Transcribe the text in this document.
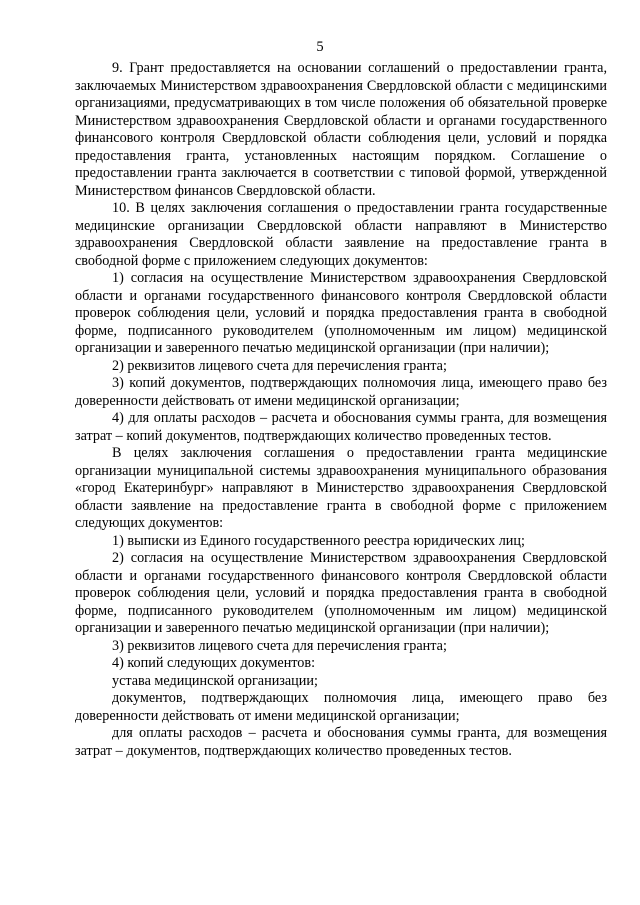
5

9. Грант предоставляется на основании соглашений о предоставлении гранта, заключаемых Министерством здравоохранения Свердловской области с медицинскими организациями, предусматривающих в том числе положения об обязательной проверке Министерством здравоохранения Свердловской области и органами государственного финансового контроля Свердловской области соблюдения цели, условий и порядка предоставления гранта, установленных настоящим порядком. Соглашение о предоставлении гранта заключается в соответствии с типовой формой, утвержденной Министерством финансов Свердловской области.

10. В целях заключения соглашения о предоставлении гранта государственные медицинские организации Свердловской области направляют в Министерство здравоохранения Свердловской области заявление на предоставление гранта в свободной форме с приложением следующих документов:

1) согласия на осуществление Министерством здравоохранения Свердловской области и органами государственного финансового контроля Свердловской области проверок соблюдения цели, условий и порядка предоставления гранта в свободной форме, подписанного руководителем (уполномоченным им лицом) медицинской организации и заверенного печатью медицинской организации (при наличии);

2) реквизитов лицевого счета для перечисления гранта;

3) копий документов, подтверждающих полномочия лица, имеющего право без доверенности действовать от имени медицинской организации;

4) для оплаты расходов – расчета и обоснования суммы гранта, для возмещения затрат – копий документов, подтверждающих количество проведенных тестов.

В целях заключения соглашения о предоставлении гранта медицинские организации муниципальной системы здравоохранения муниципального образования «город Екатеринбург» направляют в Министерство здравоохранения Свердловской области заявление на предоставление гранта в свободной форме с приложением следующих документов:

1) выписки из Единого государственного реестра юридических лиц;

2) согласия на осуществление Министерством здравоохранения Свердловской области и органами государственного финансового контроля Свердловской области проверок соблюдения цели, условий и порядка предоставления гранта в свободной форме, подписанного руководителем (уполномоченным им лицом) медицинской организации и заверенного печатью медицинской организации (при наличии);

3) реквизитов лицевого счета для перечисления гранта;

4) копий следующих документов:

устава медицинской организации;

документов, подтверждающих полномочия лица, имеющего право без доверенности действовать от имени медицинской организации;

для оплаты расходов – расчета и обоснования суммы гранта, для возмещения затрат – документов, подтверждающих количество проведенных тестов.
